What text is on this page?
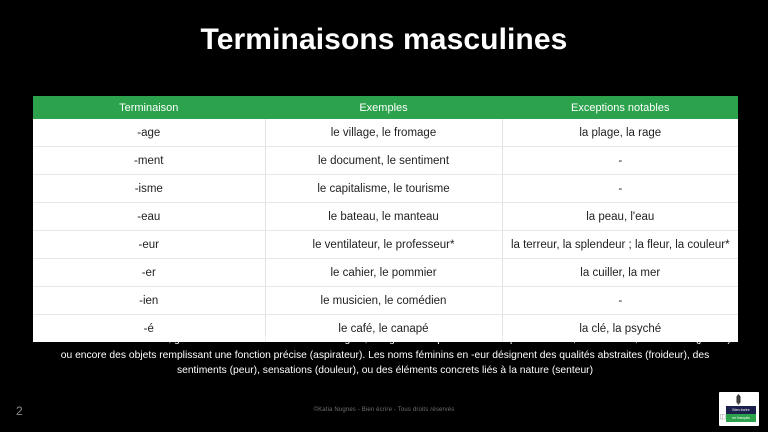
Terminaisons masculines
Terminaison	Exemples	Exceptions notables
-age	le village, le fromage	la plage, la rage
-ment	le document, le sentiment	-
-isme	le capitalisme, le tourisme	-
-eau	le bateau, le manteau	la peau, l'eau
-eur	le ventilateur, le professeur*	la terreur, la splendeur ; la fleur, la couleur*
-er	le cahier, le pommier	la cuiller, la mer
-ien	le musicien, le comédien	-
-é	le café, le canapé	la clé, la psyché
*Les mots masculins en -eur, grâce à leur suffixe se référant à un agent, désignent des personnes exerçant un métier, une fonction, une activité (joueur) ou encore des objets remplissant une fonction précise (aspirateur). Les noms féminins en -eur désignent des qualités abstraites (froideur), des sentiments (peur), sensations (douleur), ou des éléments concrets liés à la nature (senteur)
2	©Katia Nugnes - Bien écrire - Tous droits réservés	Bien écrire
en français
